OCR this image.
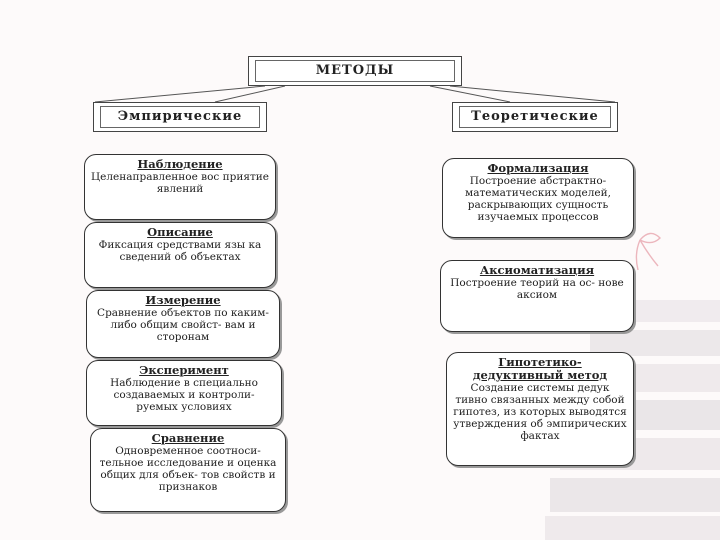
МЕТОДЫ
Эмпирические	Теоретические
Наблюдение
Целенаправленное вос приятие явлений
Описание
Фиксация средствами язы ка сведений об объектах
Измерение
Сравнение объектов по каким-либо общим свойст- вам и сторонам
Эксперимент
Наблюдение в специально создаваемых и контроли- руемых условиях
Сравнение
Одновременное соотноси- тельное исследование и оценка общих для объек- тов свойств и признаков
Формализация
Построение абстрактно- математических моделей, раскрывающих сущность изучаемых процессов
Аксиоматизация
Построение теорий на ос- нове аксиом
Гипотетико- дедуктивный метод
Создание системы дедук тивно связанных между собой гипотез, из которых выводятся утверждения об эмпирических фактах
